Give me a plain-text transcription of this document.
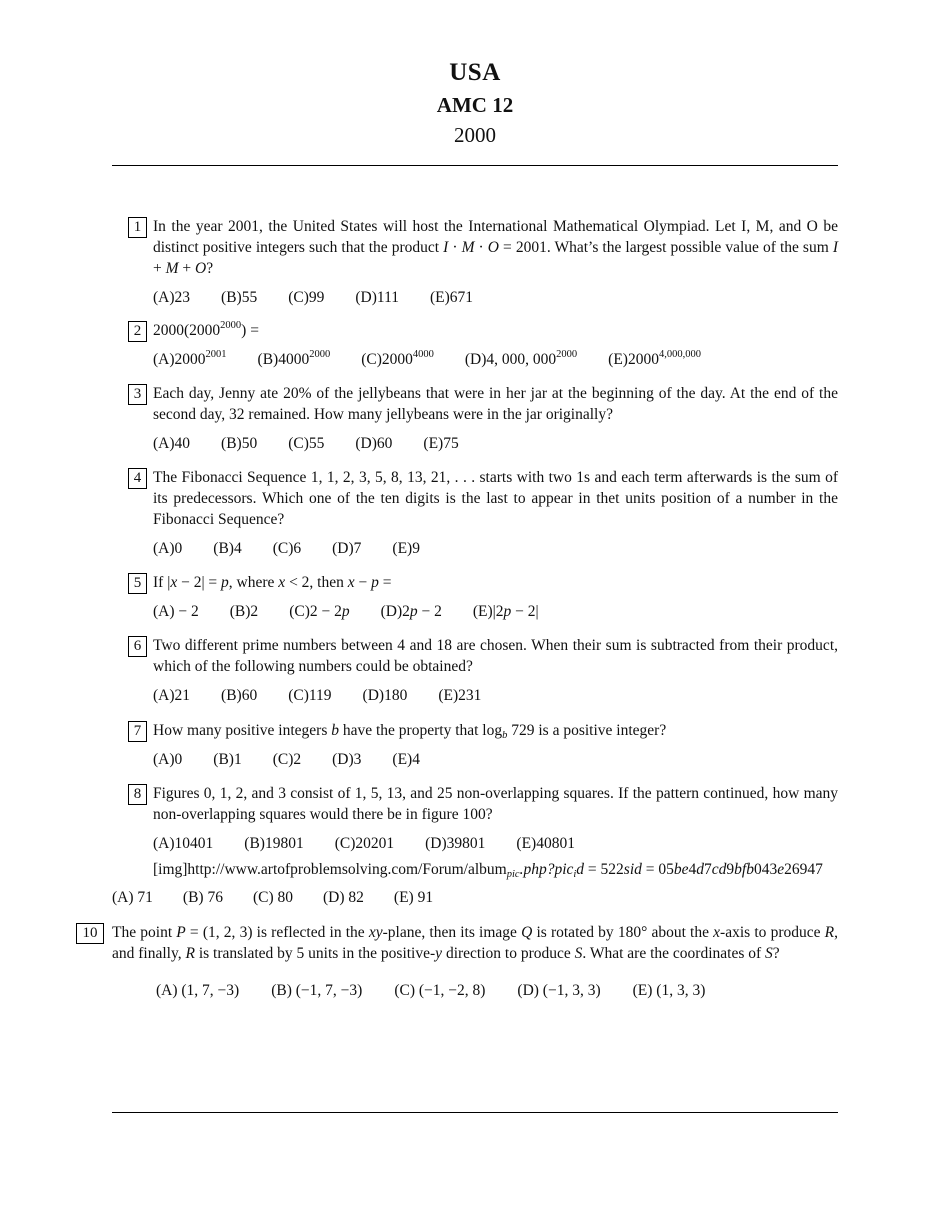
USA
AMC 12
2000
1 In the year 2001, the United States will host the International Mathematical Olympiad. Let I, M, and O be distinct positive integers such that the product I · M · O = 2001. What’s the largest possible value of the sum I + M + O?
(A)23 (B)55 (C)99 (D)111 (E)671
2 $2000(2000^{2000})$ =
$(A)2000^{2001}$ $(B)4000^{2000}$ $(C)2000^{4000}$ (D)4, 000, $000^{2000}$ (E)2000$^{4,000,000}$
3 Each day, Jenny ate 20% of the jellybeans that were in her jar at the beginning of the day. At the end of the second day, 32 remained. How many jellybeans were in the jar originally?
(A)40 (B)50 (C)55 (D)60 (E)75
4 The Fibonacci Sequence 1, 1, 2, 3, 5, 8, 13, 21, . . . starts with two 1s and each term afterwards is the sum of its predecessors. Which one of the ten digits is the last to appear in thet units position of a number in the Fibonacci Sequence?
(A)0 (B)4 (C)6 (D)7 (E)9
5 If |x − 2| = p, where x < 2, then x − p =
(A) − 2 (B)2 (C)2 − 2p (D)2p − 2 (E)|2p − 2|
6 Two different prime numbers between 4 and 18 are chosen. When their sum is subtracted from their product, which of the following numbers could be obtained?
(A)21 (B)60 (C)119 (D)180 (E)231
7 How many positive integers b have the property that $\log_b 729$ is a positive integer?
(A)0 (B)1 (C)2 (D)3 (E)4
8 Figures 0, 1, 2, and 3 consist of 1, 5, 13, and 25 non-overlapping squares. If the pattern continued, how many non-overlapping squares would there be in figure 100?
(A)10401 (B)19801 (C)20201 (D)39801 (E)40801
[img]http://www.artofproblemsolving.com/Forum/album$_{pic}$.php?pic$_i$d = 522sid = 05be4d7cd9bfb043e26947
(A) 71 (B) 76 (C) 80 (D) 82 (E) 91
10 The point P = (1, 2, 3) is reflected in the xy-plane, then its image Q is rotated by 180° about the x-axis to produce R, and finally, R is translated by 5 units in the positive-y direction to produce S. What are the coordinates of S?
(A) (1, 7, −3) (B) (−1, 7, −3) (C) (−1, −2, 8) (D) (−1, 3, 3) (E) (1, 3, 3)
